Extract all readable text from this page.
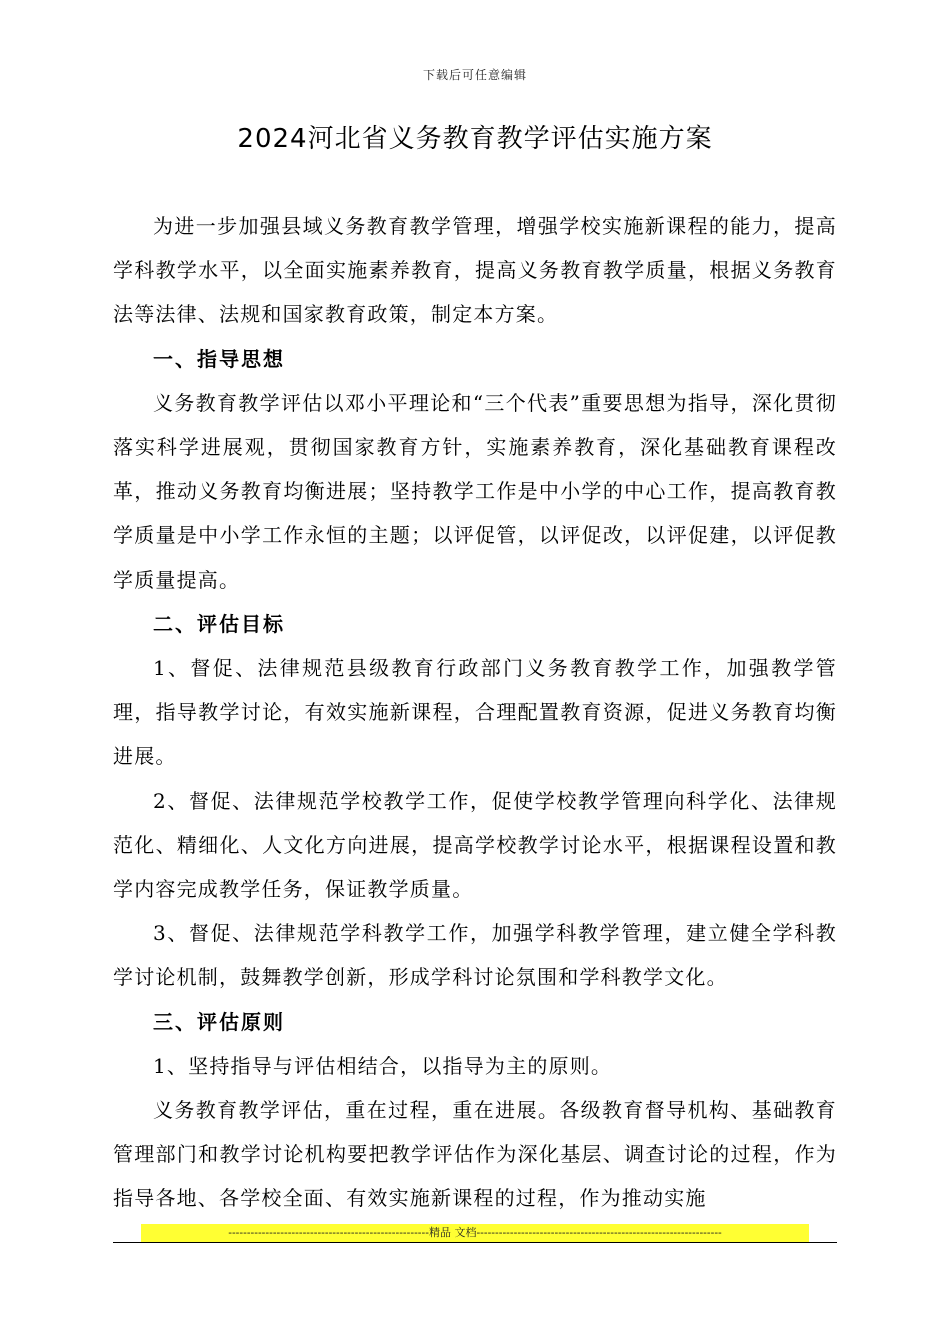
下载后可任意编辑
2024河北省义务教育教学评估实施方案

为进一步加强县域义务教育教学管理，增强学校实施新课程的能力，提高学科教学水平，以全面实施素养教育，提高义务教育教学质量，根据义务教育法等法律、法规和国家教育政策，制定本方案。

一、指导思想

义务教育教学评估以邓小平理论和“三个代表”重要思想为指导，深化贯彻落实科学进展观，贯彻国家教育方针，实施素养教育，深化基础教育课程改革，推动义务教育均衡进展；坚持教学工作是中小学的中心工作，提高教育教学质量是中小学工作永恒的主题；以评促管，以评促改，以评促建，以评促教学质量提高。

二、评估目标

1、督促、法律规范县级教育行政部门义务教育教学工作，加强教学管理，指导教学讨论，有效实施新课程，合理配置教育资源，促进义务教育均衡进展。

2、督促、法律规范学校教学工作，促使学校教学管理向科学化、法律规范化、精细化、人文化方向进展，提高学校教学讨论水平，根据课程设置和教学内容完成教学任务，保证教学质量。

3、督促、法律规范学科教学工作，加强学科教学管理，建立健全学科教学讨论机制，鼓舞教学创新，形成学科讨论氛围和学科教学文化。

三、评估原则

1、坚持指导与评估相结合，以指导为主的原则。

义务教育教学评估，重在过程，重在进展。各级教育督导机构、基础教育管理部门和教学讨论机构要把教学评估作为深化基层、调查讨论的过程，作为指导各地、各学校全面、有效实施新课程的过程，作为推动实施

------------------------------------------------------精品 文档------------------------------------------------------------------
